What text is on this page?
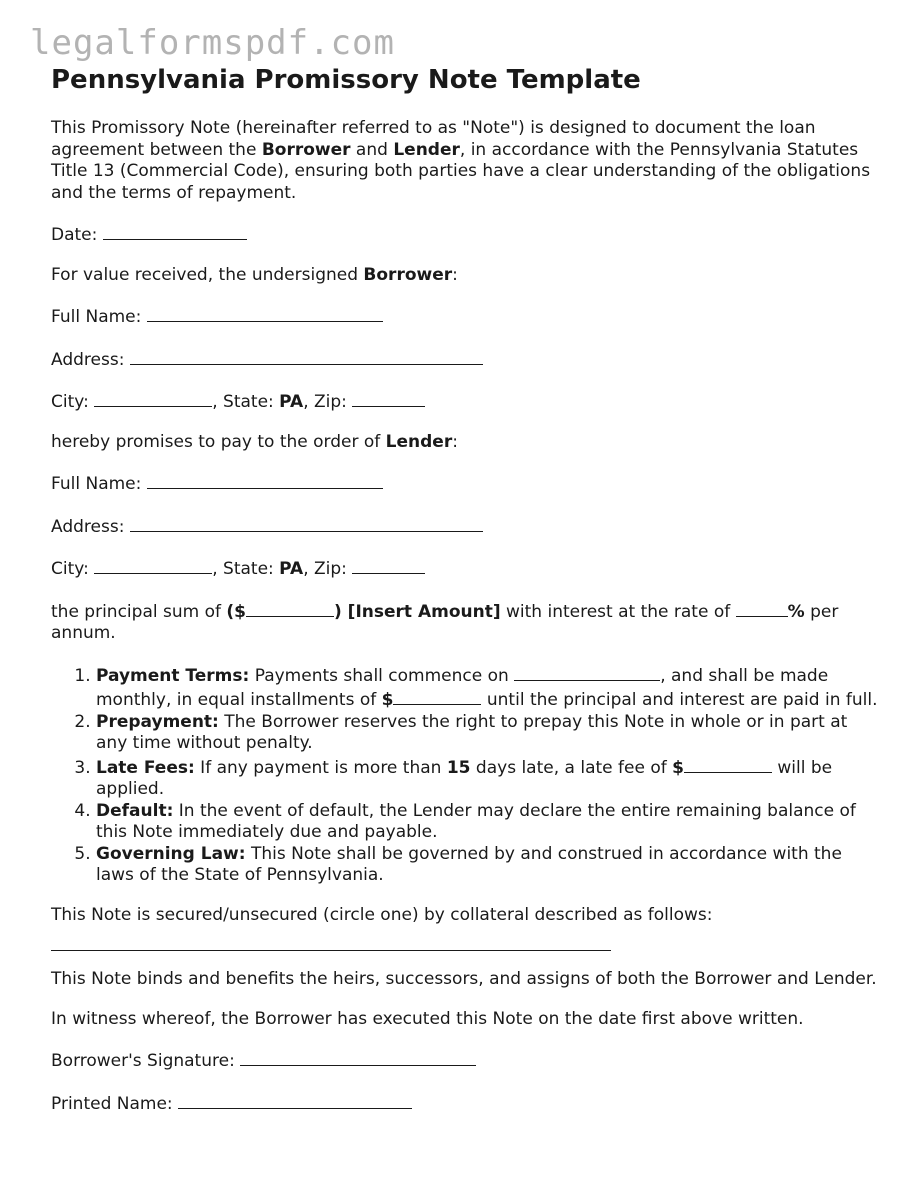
legalformspdf.com
Pennsylvania Promissory Note Template

This Promissory Note (hereinafter referred to as "Note") is designed to document the loan agreement between the Borrower and Lender, in accordance with the Pennsylvania Statutes Title 13 (Commercial Code), ensuring both parties have a clear understanding of the obligations and the terms of repayment.

Date:

For value received, the undersigned Borrower:

Full Name:

Address:

City:	, State: PA, Zip:

hereby promises to pay to the order of Lender:

Full Name:

Address:

City:	, State: PA, Zip:

the principal sum of ($	) [Insert Amount] with interest at the rate of	% per annum.

1. Payment Terms: Payments shall commence on	, and shall be made monthly, in equal installments of $	until the principal and interest are paid in full.
2. Prepayment: The Borrower reserves the right to prepay this Note in whole or in part at any time without penalty.
3. Late Fees: If any payment is more than 15 days late, a late fee of $	will be applied.
4. Default: In the event of default, the Lender may declare the entire remaining balance of this Note immediately due and payable.
5. Governing Law: This Note shall be governed by and construed in accordance with the laws of the State of Pennsylvania.

This Note is secured/unsecured (circle one) by collateral described as follows:

This Note binds and benefits the heirs, successors, and assigns of both the Borrower and Lender.

In witness whereof, the Borrower has executed this Note on the date first above written.

Borrower's Signature:

Printed Name:
